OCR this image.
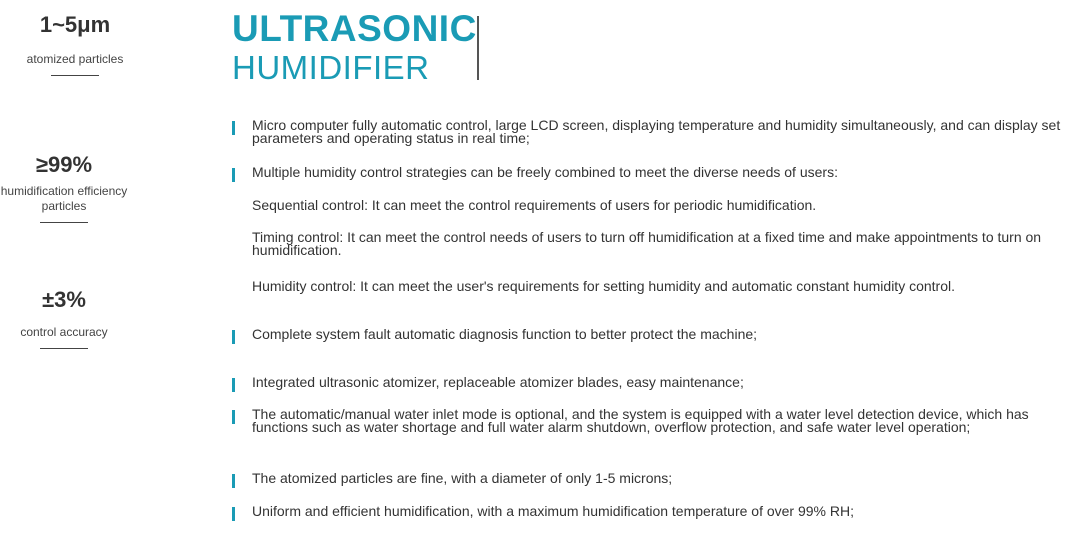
1~5μm
atomized particles
≥99%
humidification efficiency particles
±3%
control accuracy
ULTRASONIC
HUMIDIFIER
Micro computer fully automatic control, large LCD screen, displaying temperature and humidity simultaneously, and can display set parameters and operating status in real time;
Multiple humidity control strategies can be freely combined to meet the diverse needs of users:
Sequential control: It can meet the control requirements of users for periodic humidification.
Timing control: It can meet the control needs of users to turn off humidification at a fixed time and make appointments to turn on humidification.
Humidity control: It can meet the user's requirements for setting humidity and automatic constant humidity control.
Complete system fault automatic diagnosis function to better protect the machine;
Integrated ultrasonic atomizer, replaceable atomizer blades, easy maintenance;
The automatic/manual water inlet mode is optional, and the system is equipped with a water level detection device, which has functions such as water shortage and full water alarm shutdown, overflow protection, and safe water level operation;
The atomized particles are fine, with a diameter of only 1-5 microns;
Uniform and efficient humidification, with a maximum humidification temperature of over 99% RH;
